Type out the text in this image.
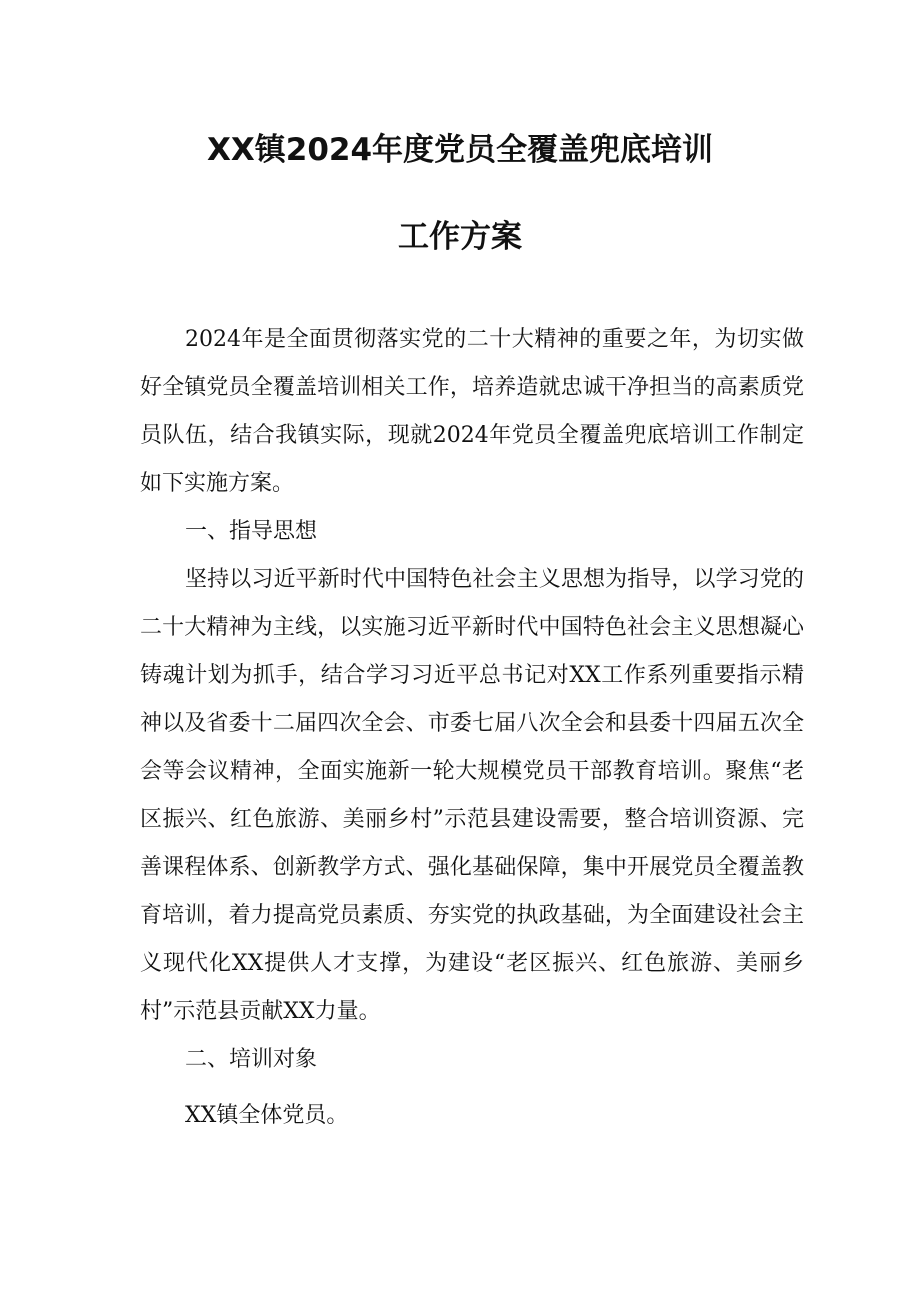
XX镇2024年度党员全覆盖兜底培训
工作方案

2024年是全面贯彻落实党的二十大精神的重要之年，为切实做好全镇党员全覆盖培训相关工作，培养造就忠诚干净担当的高素质党员队伍，结合我镇实际，现就2024年党员全覆盖兜底培训工作制定如下实施方案。

一、指导思想

坚持以习近平新时代中国特色社会主义思想为指导，以学习党的二十大精神为主线，以实施习近平新时代中国特色社会主义思想凝心铸魂计划为抓手，结合学习习近平总书记对XX工作系列重要指示精神以及省委十二届四次全会、市委七届八次全会和县委十四届五次全会等会议精神，全面实施新一轮大规模党员干部教育培训。聚焦“老区振兴、红色旅游、美丽乡村”示范县建设需要，整合培训资源、完善课程体系、创新教学方式、强化基础保障，集中开展党员全覆盖教育培训，着力提高党员素质、夯实党的执政基础，为全面建设社会主义现代化XX提供人才支撑，为建设“老区振兴、红色旅游、美丽乡村”示范县贡献XX力量。

二、培训对象

XX镇全体党员。
